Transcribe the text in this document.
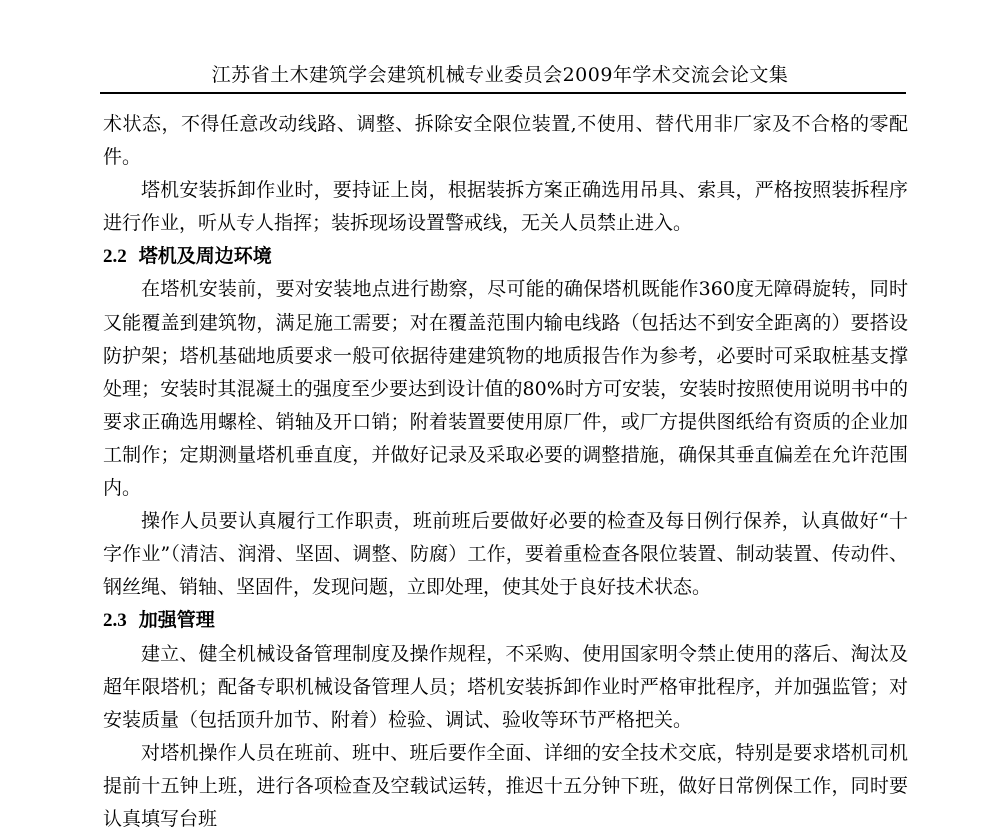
江苏省土木建筑学会建筑机械专业委员会2009年学术交流会论文集

术状态，不得任意改动线路、调整、拆除安全限位装置,不使用、替代用非厂家及不合格的零配件。

塔机安装拆卸作业时，要持证上岗，根据装拆方案正确选用吊具、索具，严格按照装拆程序进行作业，听从专人指挥；装拆现场设置警戒线，无关人员禁止进入。

2.2 塔机及周边环境

在塔机安装前，要对安装地点进行勘察，尽可能的确保塔机既能作360度无障碍旋转，同时又能覆盖到建筑物，满足施工需要；对在覆盖范围内输电线路（包括达不到安全距离的）要搭设防护架；塔机基础地质要求一般可依据待建建筑物的地质报告作为参考，必要时可采取桩基支撑处理；安装时其混凝土的强度至少要达到设计值的80%时方可安装，安装时按照使用说明书中的要求正确选用螺栓、销轴及开口销；附着装置要使用原厂件，或厂方提供图纸给有资质的企业加工制作；定期测量塔机垂直度，并做好记录及采取必要的调整措施，确保其垂直偏差在允许范围内。

操作人员要认真履行工作职责，班前班后要做好必要的检查及每日例行保养，认真做好“十字作业”（清洁、润滑、坚固、调整、防腐）工作，要着重检查各限位装置、制动装置、传动件、钢丝绳、销轴、坚固件，发现问题，立即处理，使其处于良好技术状态。

2.3 加强管理

建立、健全机械设备管理制度及操作规程，不采购、使用国家明令禁止使用的落后、淘汰及超年限塔机；配备专职机械设备管理人员；塔机安装拆卸作业时严格审批程序，并加强监管；对安装质量（包括顶升加节、附着）检验、调试、验收等环节严格把关。

对塔机操作人员在班前、班中、班后要作全面、详细的安全技术交底，特别是要求塔机司机提前十五钟上班，进行各项检查及空载试运转，推迟十五分钟下班，做好日常例保工作，同时要认真填写台班
